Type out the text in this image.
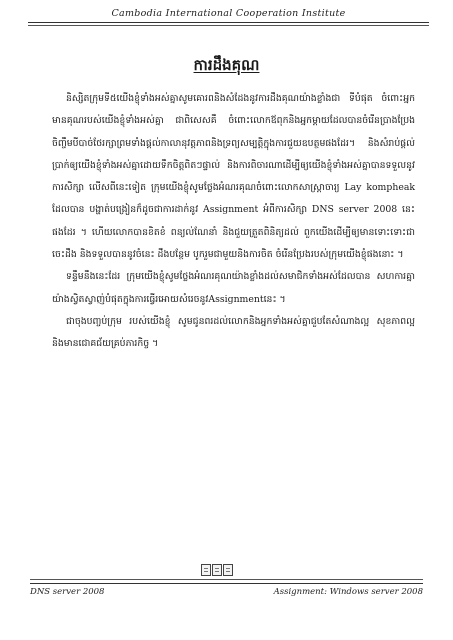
Cambodia International Cooperation Institute
ការដឹងគុណ

និស្សិតក្រុមទី៥យើងខ្ញុំទាំងអស់គ្នាសូមគោរពនិងសំដែងនូវការដឹងគុណយ៉ាងខ្លាំងជា ទីបំផុត ចំពោះអ្នកមានគុណរបស់យើងខ្ញុំទាំងអស់គ្នា ជាពិសេសគឺ ចំពោះលោកឪពុកនិងអ្នកម្ដាយដែលបានចំរើនប្រាងប្រែងចិញ្ចឹមបីបាច់ថែរក្សាព្រមទាំងផ្ដល់កាលានុវត្តភាពនិងទ្រព្យសម្បត្តិក្នុងការជួយឧបត្ថមផងដែរ។ និងសំរាប់ផ្ដល់ប្រាក់ឲ្យយើងខ្ញុំទាំងអស់គ្នាដោយទឹកចិត្តពិតៗផ្ទាល់ និងការពិចារណាដើម្បីឲ្យយើងខ្ញុំទាំងអស់គ្នាបានទទួលនូវ ការសិក្សា លើសពីនេះទៀត ក្រុមយើងខ្ញុំសូមថ្លែងអំណរគុណចំពោះលោកសាស្ត្រាចារ្យ Lay kompheak ដែលបាន បង្ហាត់បង្រៀនក៏ដូចជាការដាក់នូវ Assignment អំពីការសិក្សា DNS server 2008 នេះផងដែរ ។ ហើយលោកបានខិតខំ ពន្យល់ណែនាំ និងជួយត្រួតពិនិត្យដល់ ពួកយើងដើម្បីឲ្យមានទោះទោះជាចេះដឹង និងទទួលបាននូវចំនេះ ដឹងបន្ថែម បូករួមជាមួយនិងការចិត ចំរើនប្រែងរបស់ក្រុមយើងខ្ញុំផងនោះ ។

ទន្ទឹមនឹងនេះដែរ ក្រុមយើងខ្ញុំសូមថ្លែងអំណរគុណយ៉ាងខ្លាំងដល់សមាជិកទាំងអស់ដែលបាន សហការគ្នាយ៉ាងស្វិតស្វាញ់បំផុតក្នុងការធ្វើរអោយសំរេចនូវAssignmentនេះ ។

ជាចុងបញ្ចប់ក្រុម របស់យើងខ្ញុំ សូមជូនពរដល់លោកនិងអ្នកទាំងអស់គ្នាជួបតែសំណាងល្អ សុខភាពល្អ និងមានជោគជ័យគ្រប់ភារកិច្ច ។

DNS server 2008	Assignment: Windows server 2008
